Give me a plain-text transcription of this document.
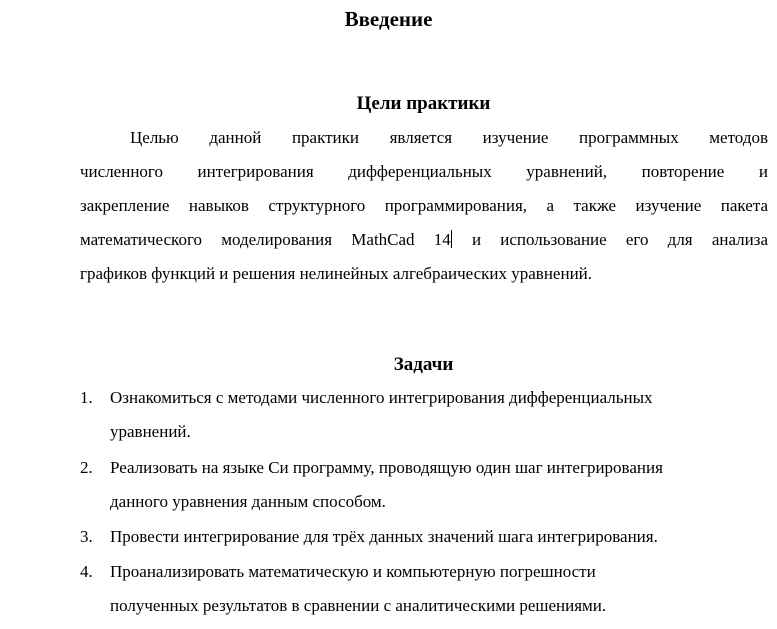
Введение
Цели практики
Целью данной практики является изучение программных методов
численного интегрирования дифференциальных уравнений, повторение и
закрепление навыков структурного программирования, а также изучение пакета
математического моделирования MathCad 14 и использование его для анализа
графиков функций и решения нелинейных алгебраических уравнений.
Задачи
1. Ознакомиться с методами численного интегрирования дифференциальных
уравнений.
2. Реализовать на языке Си программу, проводящую один шаг интегрирования
данного уравнения данным способом.
3. Провести интегрирование для трёх данных значений шага интегрирования.
4. Проанализировать математическую и компьютерную погрешности
полученных результатов в сравнении с аналитическими решениями.
